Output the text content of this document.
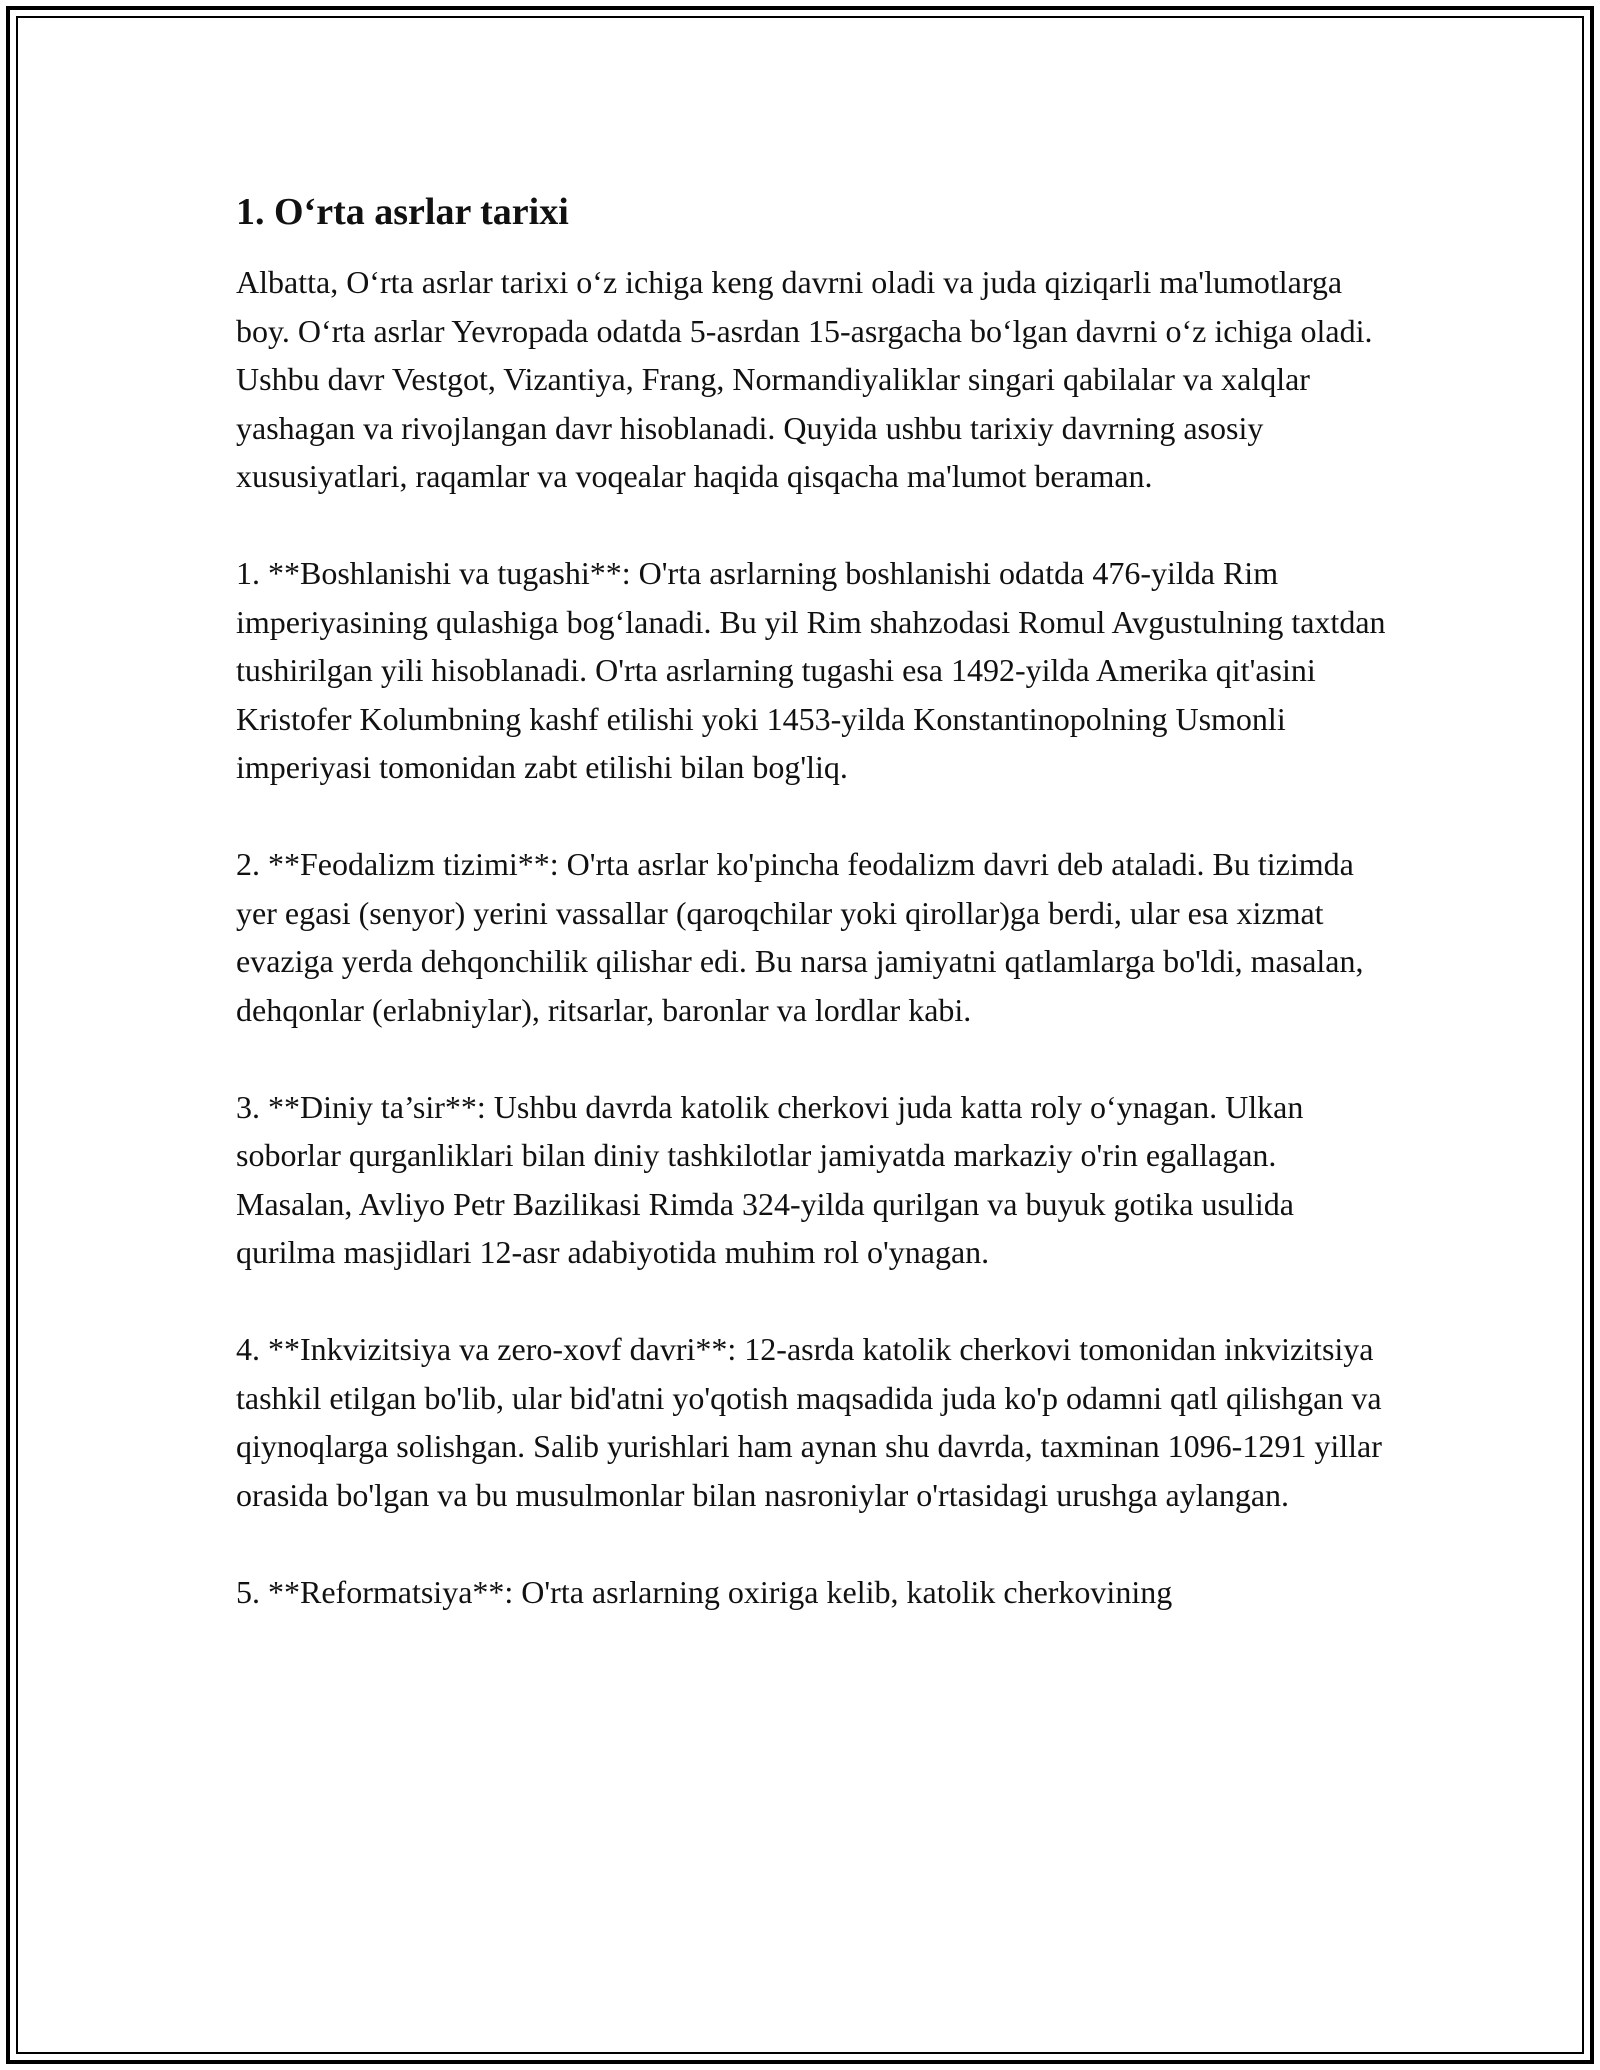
1. Oʻrta asrlar tarixi

Albatta, Oʻrta asrlar tarixi oʻz ichiga keng davrni oladi va juda qiziqarli ma'lumotlarga boy. Oʻrta asrlar Yevropada odatda 5-asrdan 15-asrgacha boʻlgan davrni oʻz ichiga oladi. Ushbu davr Vestgot, Vizantiya, Frang, Normandiyaliklar singari qabilalar va xalqlar yashagan va rivojlangan davr hisoblanadi. Quyida ushbu tarixiy davrning asosiy xususiyatlari, raqamlar va voqealar haqida qisqacha ma'lumot beraman.

1. **Boshlanishi va tugashi**: O'rta asrlarning boshlanishi odatda 476-yilda Rim imperiyasining qulashiga bogʻlanadi. Bu yil Rim shahzodasi Romul Avgustulning taxtdan tushirilgan yili hisoblanadi. O'rta asrlarning tugashi esa 1492-yilda Amerika qit'asini Kristofer Kolumbning kashf etilishi yoki 1453-yilda Konstantinopolning Usmonli imperiyasi tomonidan zabt etilishi bilan bog'liq.

2. **Feodalizm tizimi**: O'rta asrlar ko'pincha feodalizm davri deb ataladi. Bu tizimda yer egasi (senyor) yerini vassallar (qaroqchilar yoki qirollar)ga berdi, ular esa xizmat evaziga yerda dehqonchilik qilishar edi. Bu narsa jamiyatni qatlamlarga bo'ldi, masalan, dehqonlar (erlabniylar), ritsarlar, baronlar va lordlar kabi.

3. **Diniy ta’sir**: Ushbu davrda katolik cherkovi juda katta roly oʻynagan. Ulkan soborlar qurganliklari bilan diniy tashkilotlar jamiyatda markaziy o'rin egallagan. Masalan, Avliyo Petr Bazilikasi Rimda 324-yilda qurilgan va buyuk gotika usulida qurilma masjidlari 12-asr adabiyotida muhim rol o'ynagan.

4. **Inkvizitsiya va zero-xovf davri**: 12-asrda katolik cherkovi tomonidan inkvizitsiya tashkil etilgan bo'lib, ular bid'atni yo'qotish maqsadida juda ko'p odamni qatl qilishgan va qiynoqlarga solishgan. Salib yurishlari ham aynan shu davrda, taxminan 1096-1291 yillar orasida bo'lgan va bu musulmonlar bilan nasroniylar o'rtasidagi urushga aylangan.

5. **Reformatsiya**: O'rta asrlarning oxiriga kelib, katolik cherkovining
